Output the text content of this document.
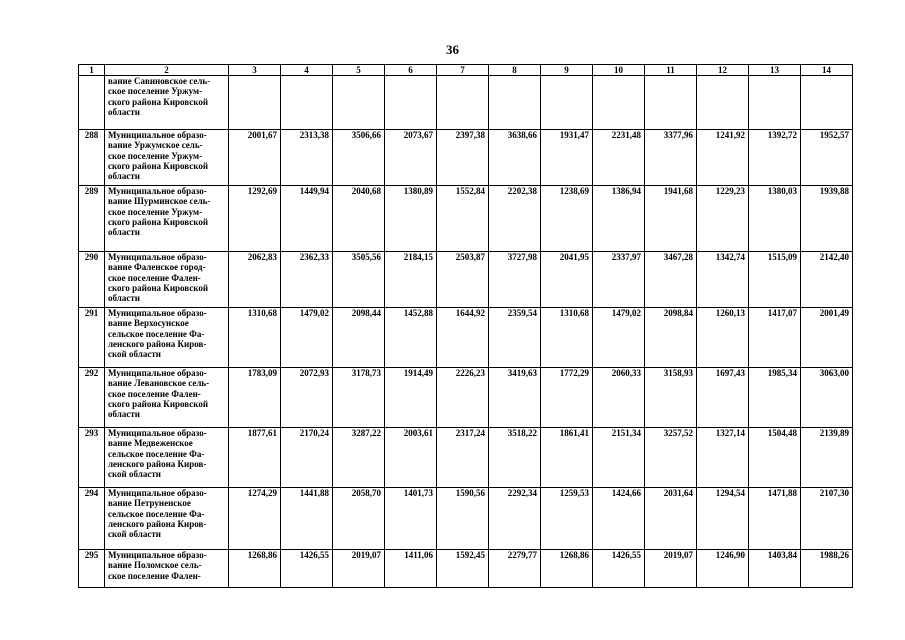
36
1	2	3	4	5	6	7	8	9	10	11	12	13	14

	вание Савиновское сель-
ское поселение Уржум-
ского района Кировской
области												

288	Муниципальное образо-
вание Уржумское сель-
ское поселение Уржум-
ского района Кировской
области	2001,67	2313,38	3506,66	2073,67	2397,38	3638,66	1931,47	2231,48	3377,96	1241,92	1392,72	1952,57
289	Муниципальное образо-
вание Шурминское сель-
ское поселение Уржум-
ского района Кировской
области	1292,69	1449,94	2040,68	1380,89	1552,84	2202,38	1238,69	1386,94	1941,68	1229,23	1380,03	1939,88
290	Муниципальное образо-
вание Фаленское город-
ское поселение Фален-
ского района Кировской
области	2062,83	2362,33	3505,56	2184,15	2503,87	3727,98	2041,95	2337,97	3467,28	1342,74	1515,09	2142,40
291	Муниципальное образо-
вание Верхосунское
сельское поселение Фа-
ленского района Киров-
ской области	1310,68	1479,02	2098,44	1452,88	1644,92	2359,54	1310,68	1479,02	2098,84	1260,13	1417,07	2001,49
292	Муниципальное образо-
вание Левановское сель-
ское поселение Фален-
ского района Кировской
области	1783,09	2072,93	3178,73	1914,49	2226,23	3419,63	1772,29	2060,33	3158,93	1697,43	1985,34	3063,00
293	Муниципальное образо-
вание Медвеженское
сельское поселение Фа-
ленского района Киров-
ской области	1877,61	2170,24	3287,22	2003,61	2317,24	3518,22	1861,41	2151,34	3257,52	1327,14	1504,48	2139,89
294	Муниципальное образо-
вание Петруненское
сельское поселение Фа-
ленского района Киров-
ской области	1274,29	1441,88	2058,70	1401,73	1590,56	2292,34	1259,53	1424,66	2031,64	1294,54	1471,88	2107,30
295	Муниципальное образо-
вание Поломское сель-
ское поселение Фален-	1268,86	1426,55	2019,07	1411,06	1592,45	2279,77	1268,86	1426,55	2019,07	1246,90	1403,84	1988,26
